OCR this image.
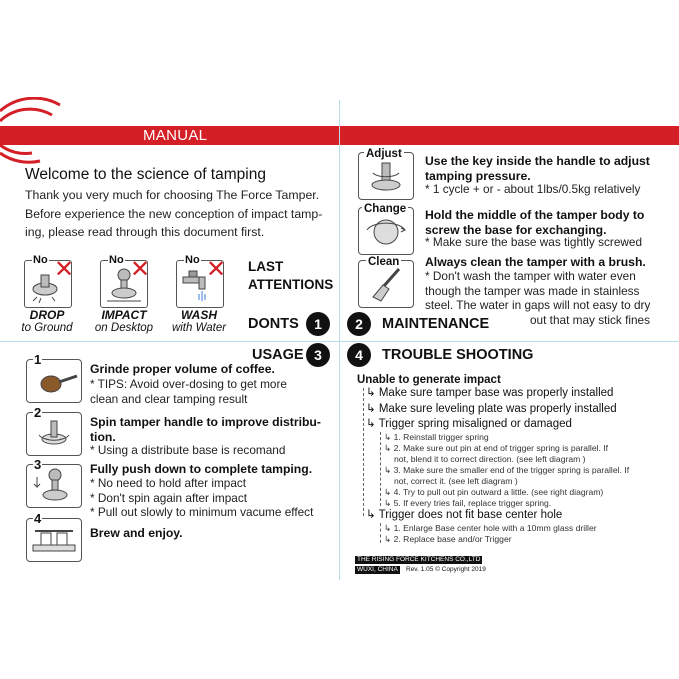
THE FORCE MANUAL
Welcome to the science of tamping
Thank you very much for choosing The Force Tamper.
Before experience the new conception of impact tamp-
ing, please read through this document first.
No ✕	No ✕	No ✕
DROP
to Ground
IMPACT
on Desktop
WASH
with Water
LAST
ATTENTIONS
DONTS	1	2	MAINTENANCE
Adjust Use the key inside the handle to adjust
tamping pressure.
* 1 cycle + or - about 1lbs/0.5kg relatively
Change Hold the middle of the tamper body to
screw the base for exchanging.
* Make sure the base was tightly screwed
Clean Always clean the tamper with a brush.
* Don't wash the tamper with water even
though the tamper was made in stainless
steel. The water in gaps will not easy to dry
out that may stick fines
USAGE 3
1
Grinde proper volume of coffee.
* TIPS: Avoid over-dosing to get more
clean and clear tamping result
2
Spin tamper handle to improve distribu-
tion.
* Using a distribute base is recomand
3	Fully push down to complete tamping.
* No need to hold after impact
* Don't spin again after impact
* Pull out slowly to minimum vacume effect
4
Brew and enjoy.
4	TROUBLE SHOOTING
Unable to generate impact
↳ Make sure tamper base was properly installed
↳ Make sure leveling plate was properly installed
↳ Trigger spring misaligned or damaged
↳ 1. Reinstall trigger spring
↳ 2. Make sure out pin at end of trigger spring is parallel. If
not, blend it to correct direction. (see left diagram )
↳ 3. Make sure the smaller end of the trigger spring is parallel. If
not, correct it. (see left diagram )
↳ 4. Try to pull out pin outward a little. (see right diagram)
↳ 5. If every tries fail, replace trigger spring.
↳ Trigger does not fit base center hole
↳ 1. Enlarge Base center hole with a 10mm glass driller
↳ 2. Replace base and/or Trigger
THE RISING FORCE KITCHENS CO.,LTD
WUXI, CHINA	Rev. 1.05 © Copyright 2019
